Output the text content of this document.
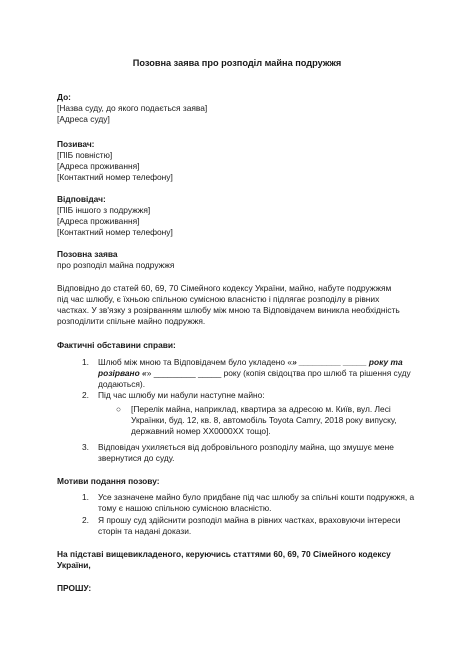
Позовна заява про розподіл майна подружжя

До:

[Назва суду, до якого подається заява]

[Адреса суду]

Позивач:

[ПІБ повністю]

[Адреса проживання]

[Контактний номер телефону]

Відповідач:

[ПІБ іншого з подружжя]

[Адреса проживання]

[Контактний номер телефону]

Позовна заява

про розподіл майна подружжя

Відповідно до статей 60, 69, 70 Сімейного кодексу України, майно, набуте подружжям

під час шлюбу, є їхньою спільною сумісною власністю і підлягає розподілу в рівних

частках. У зв'язку з розірванням шлюбу між мною та Відповідачем виникла необхідність

розподілити спільне майно подружжя.

Фактичні обставини справи:

1. Шлюб між мною та Відповідачем було укладено «» _________ _____ року та

розірвано «» _________ _____ року (копія свідоцтва про шлюб та рішення суду

додаються).

2. Під час шлюбу ми набули наступне майно:

○ [Перелік майна, наприклад, квартира за адресою м. Київ, вул. Лесі

Українки, буд. 12, кв. 8, автомобіль Toyota Camry, 2018 року випуску,

державний номер ХХ0000ХХ тощо].

3. Відповідач ухиляється від добровільного розподілу майна, що змушує мене

звернутися до суду.

Мотиви подання позову:

1. Усе зазначене майно було придбане під час шлюбу за спільні кошти подружжя, а

тому є нашою спільною сумісною власністю.

2. Я прошу суд здійснити розподіл майна в рівних частках, враховуючи інтереси

сторін та надані докази.

На підставі вищевикладеного, керуючись статтями 60, 69, 70 Сімейного кодексу

України,

ПРОШУ:
